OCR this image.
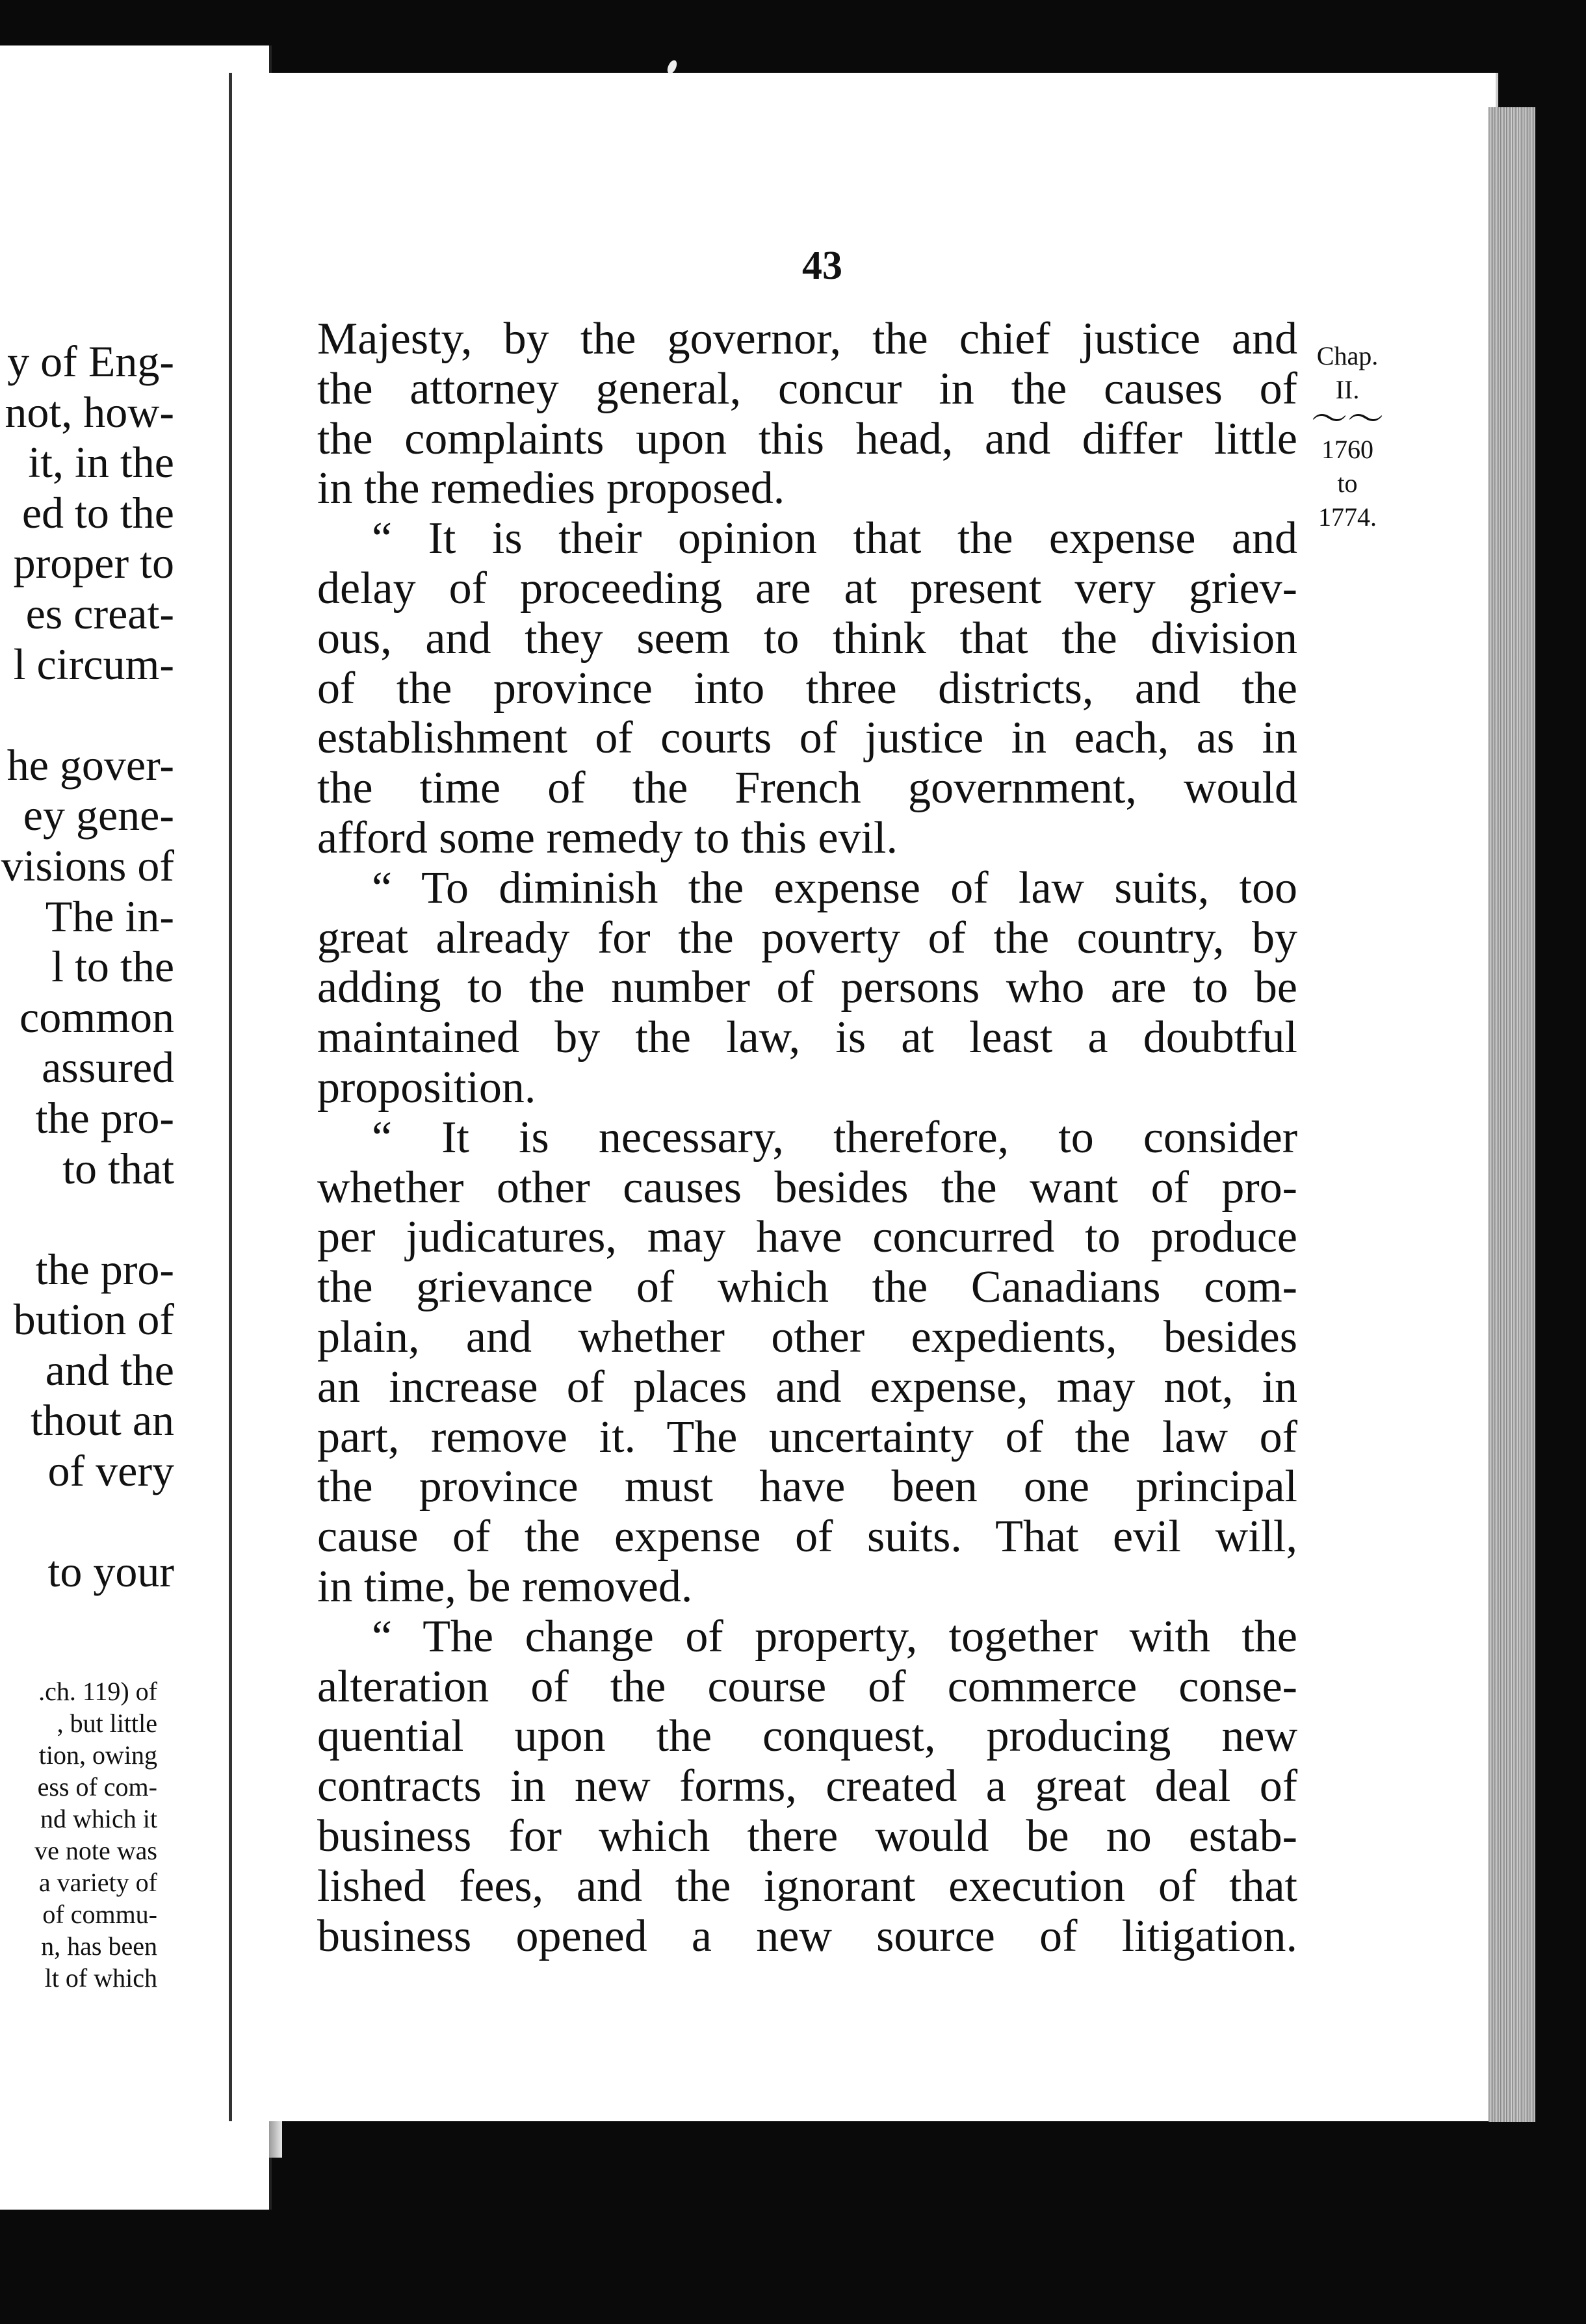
y of Eng-
not, how-
it, in the
ed to the
proper to
es creat-
l circum-
he gover-
ey gene-
visions of
The in-
l to the
common
assured
the pro-
to that
the pro-
bution of
and the
thout an
of very
to your
.ch. 119) of
, but little
tion, owing
ess of com-
nd which it
ve note was
a variety of
of commu-
n, has been
lt of which
43
Chap.
II.
〜〜
1760
to
1774.
Majesty, by the governor, the chief justice and
the attorney general, concur in the causes of
the complaints upon this head, and differ little
in the remedies proposed.
“ It is their opinion that the expense and
delay of proceeding are at present very griev-
ous, and they seem to think that the division
of the province into three districts, and the
establishment of courts of justice in each, as in
the time of the French government, would
afford some remedy to this evil.
“ To diminish the expense of law suits, too
great already for the poverty of the country, by
adding to the number of persons who are to be
maintained by the law, is at least a doubtful
proposition.
“ It is necessary, therefore, to consider
whether other causes besides the want of pro-
per judicatures, may have concurred to produce
the grievance of which the Canadians com-
plain, and whether other expedients, besides
an increase of places and expense, may not, in
part, remove it. The uncertainty of the law of
the province must have been one principal
cause of the expense of suits. That evil will,
in time, be removed.
“ The change of property, together with the
alteration of the course of commerce conse-
quential upon the conquest, producing new
contracts in new forms, created a great deal of
business for which there would be no estab-
lished fees, and the ignorant execution of that
business opened a new source of litigation.
